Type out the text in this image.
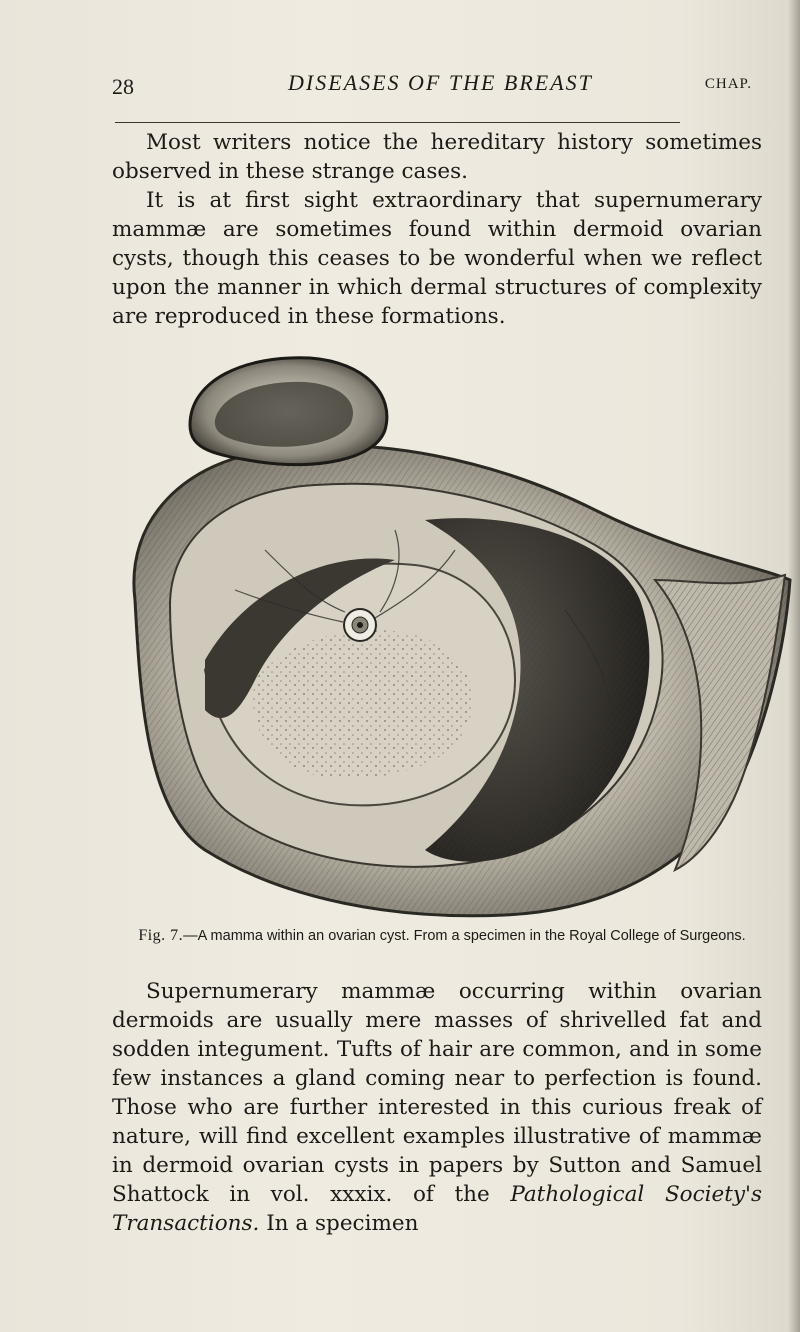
28	DISEASES OF THE BREAST	CHAP.

Most writers notice the hereditary history sometimes observed in these strange cases.

It is at first sight extraordinary that supernumerary mammæ are sometimes found within dermoid ovarian cysts, though this ceases to be wonderful when we reflect upon the manner in which dermal structures of complexity are reproduced in these formations.

Fig. 7.—A mamma within an ovarian cyst. From a specimen in the Royal College of Surgeons.

Supernumerary mammæ occurring within ovarian dermoids are usually mere masses of shrivelled fat and sodden integument. Tufts of hair are common, and in some few instances a gland coming near to perfection is found. Those who are further interested in this curious freak of nature, will find excellent examples illustrative of mammæ in dermoid ovarian cysts in papers by Sutton and Samuel Shattock in vol. xxxix. of the Pathological Society's Transactions. In a specimen
